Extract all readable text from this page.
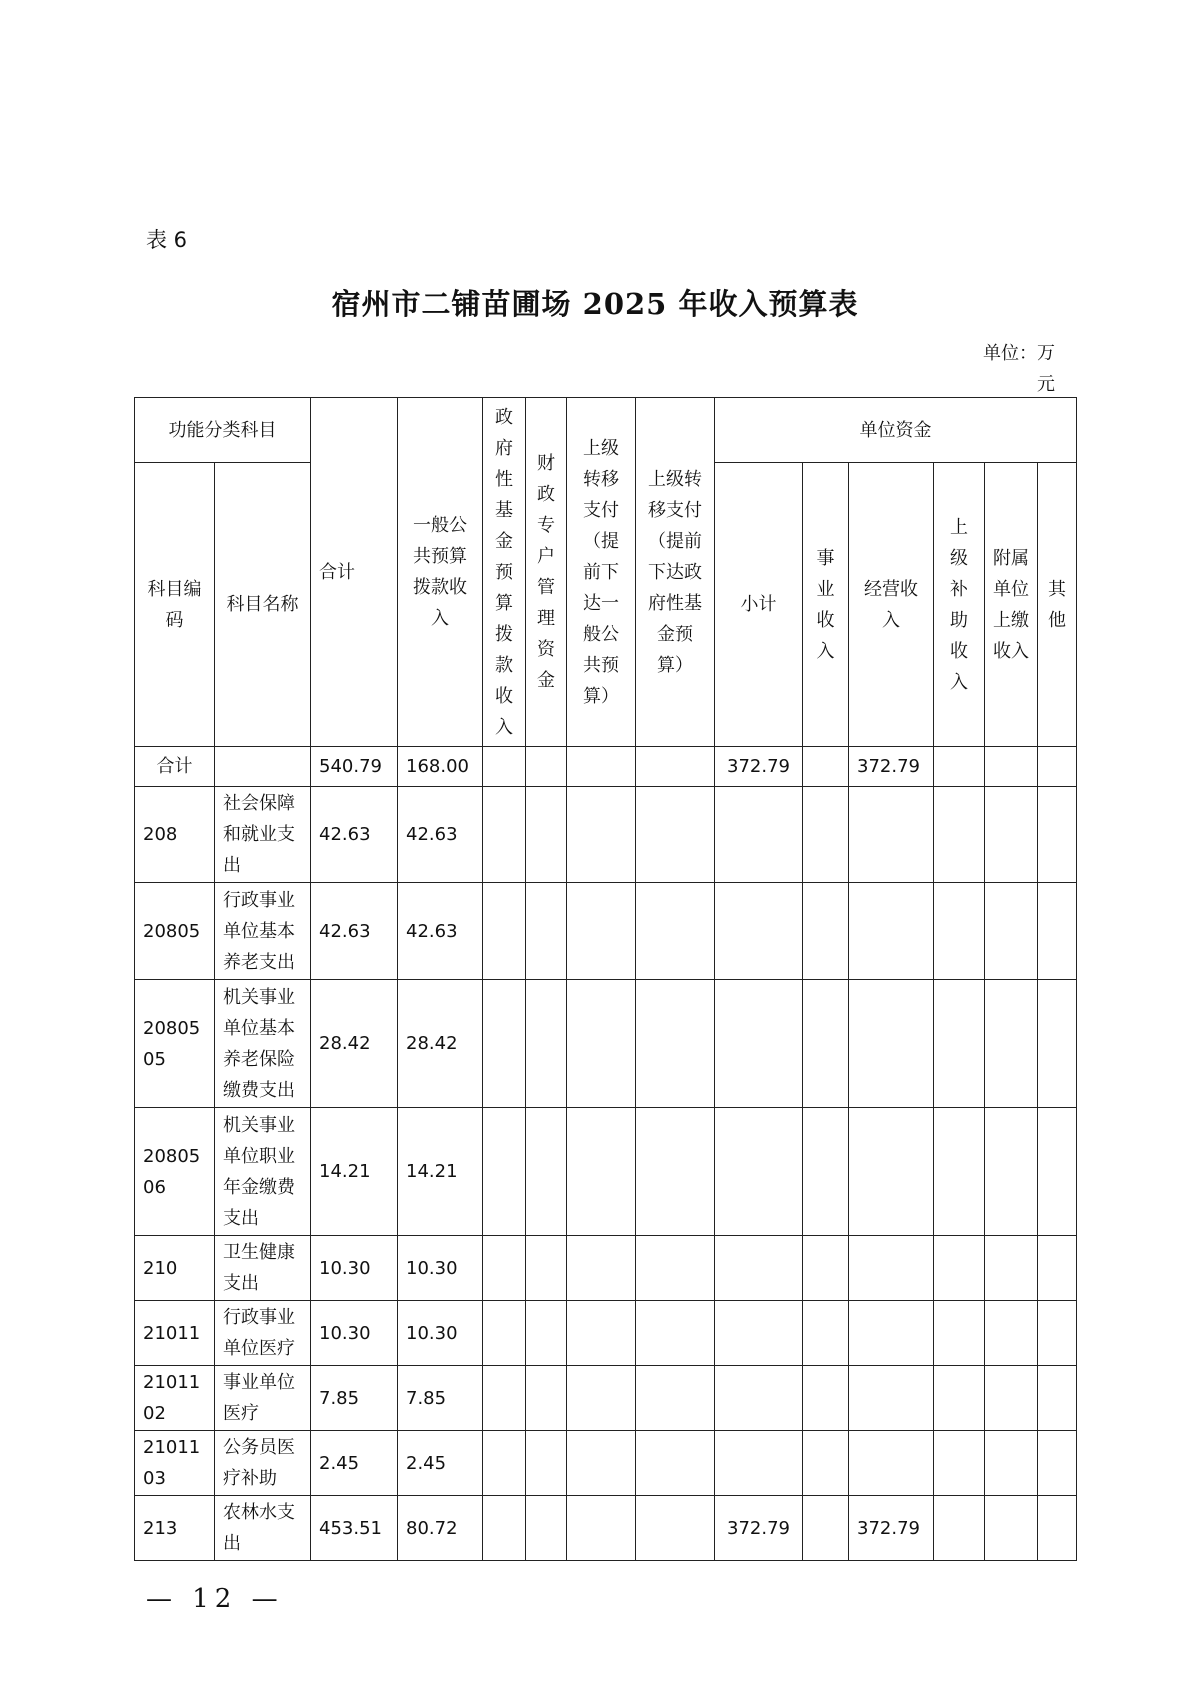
表 6
宿州市二铺苗圃场 2025 年收入预算表
单位：万元
功能分类科目		合计	一般公共预算拨款收入	政府性基金预算拨款收入	财政专户管理资金	上级转移支付（提前下达一般公共预算）	上级转移支付（提前下达政府性基金预算）	单位资金					
科目编码	科目名称							小计	事业收入	经营收入	上级补助收入	附属单位上缴收入	其他
合计		540.79	168.00					372.79		372.79			
208	社会保障和就业支出	42.63	42.63										
20805	行政事业单位基本养老支出	42.63	42.63										
2080505	机关事业单位基本养老保险缴费支出	28.42	28.42										
2080506	机关事业单位职业年金缴费支出	14.21	14.21										
210	卫生健康支出	10.30	10.30										
21011	行政事业单位医疗	10.30	10.30										
2101102	事业单位医疗	7.85	7.85										
2101103	公务员医疗补助	2.45	2.45										
213	农林水支出	453.51	80.72					372.79		372.79			
— 12 —
